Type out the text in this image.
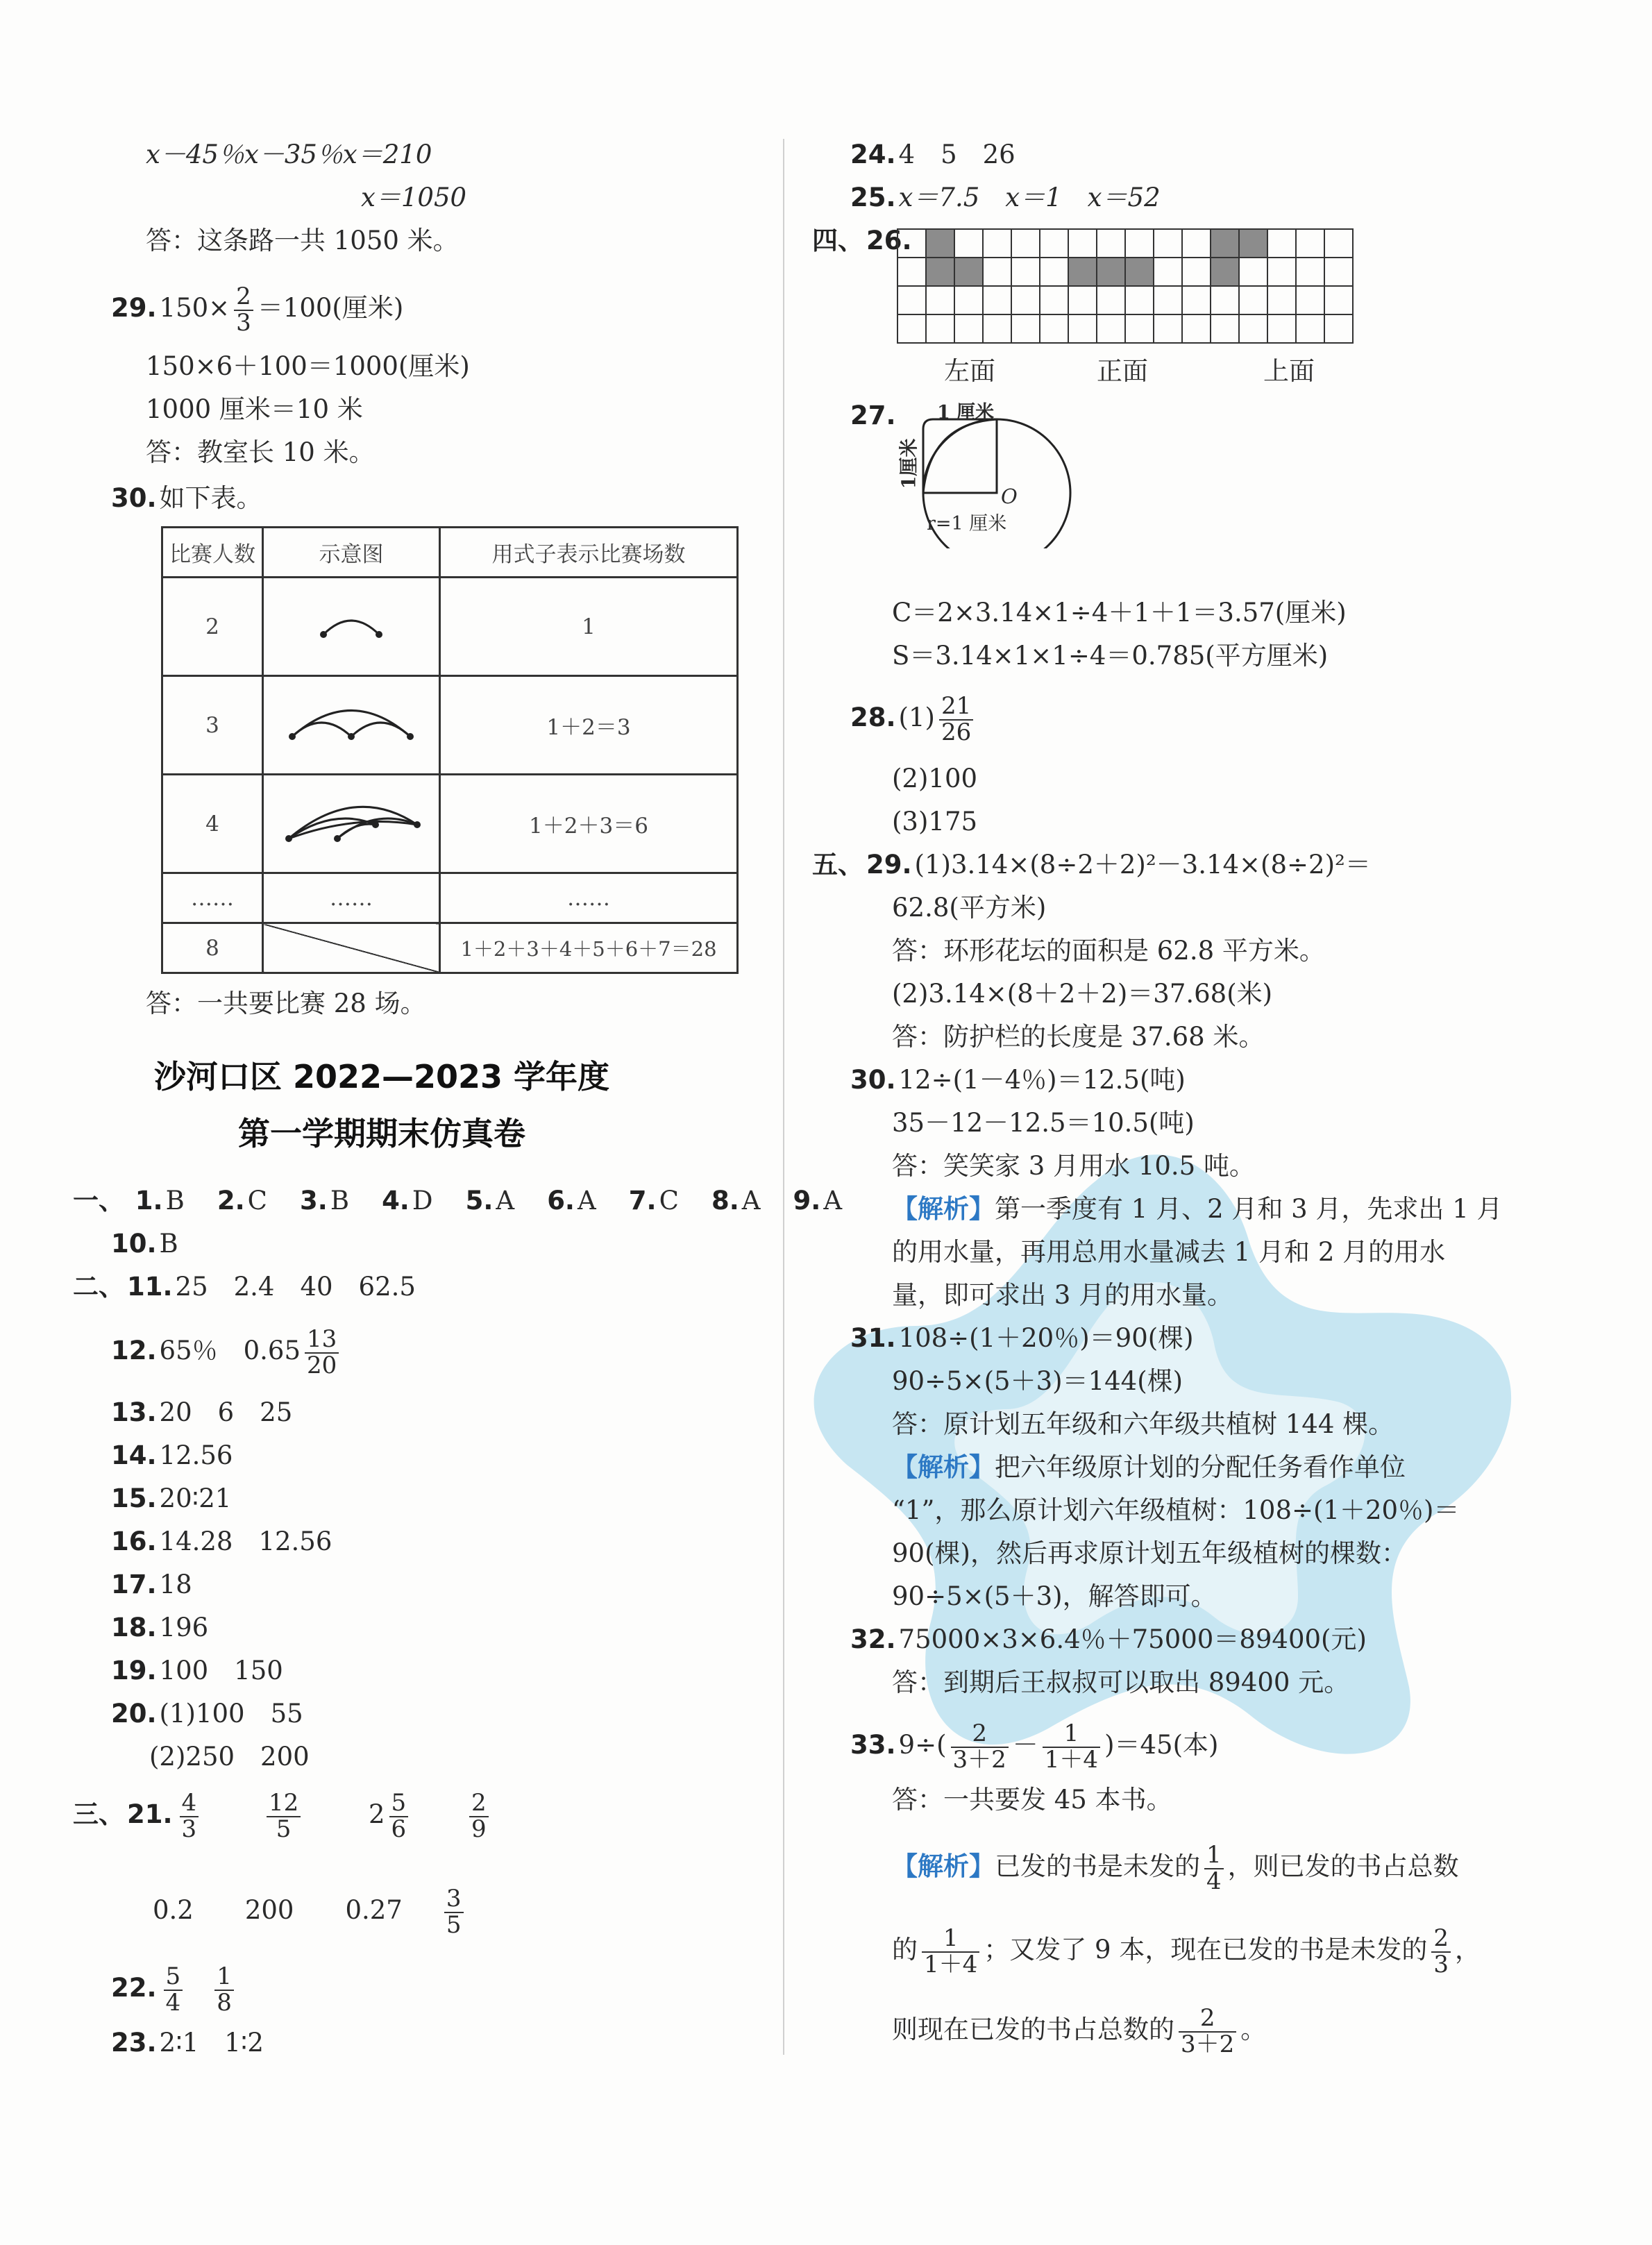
x－45％x－35％x＝210
x＝1050
答：这条路一共 1050 米。
29. $150\times \frac{2}{3} =100$(厘米)
150×6＋100＝1000(厘米)
1000 厘米＝10 米
答：教室长 10 米。
30. 如下表。
比赛人数	示意图	用式子表示比赛场数
2		1
3		1＋2＝3
4		1＋2＋3＝6
……	……	……
8		1＋2＋3＋4＋5＋6＋7＝28
答：一共要比赛 28 场。
沙河口区 2022—2023 学年度
第一学期期末仿真卷
一、 1. B 2. C 3. B 4. D 5. A 6. A 7. C 8. A 9. A
10. B
二、 11. 25　2.4　40　62.5
12. 65％　$0.65 \frac{13}{20}$
13. 20　6　25
14. 12.56
15. 20∶21
16. 14.28　12.56
17. 18
18. 196
19. 100　150
20. (1)100　55
(2)250　200
三、 21. $\frac{4}{3}$
	$\frac{12}{5}$	$2 \frac{5}{6}$
	$\frac{2}{9}$
0.2　　200　　$0.27 \frac{3}{5}$
22. $\frac{5}{4} \frac{1}{8}$
23. 2∶1　1∶2
24. 4　5　26
25. x＝7.5　x＝1　x＝52
四、 26.

左面	正面	上面
27. 1 厘米
1厘米
O
r=1 厘米
C＝2×3.14×1÷4＋1＋1＝3.57(厘米)
S＝3.14×1×1÷4＝0.785(平方厘米)
28. $(1) \frac{21}{26}$
(2)100
(3)175
五、 29. (1)3.14×(8÷2＋2)²－3.14×(8÷2)²＝
62.8(平方米)
答：环形花坛的面积是 62.8 平方米。
(2)3.14×(8＋2＋2)＝37.68(米)
答：防护栏的长度是 37.68 米。
30. 12÷(1－4％)＝12.5(吨)
35－12－12.5＝10.5(吨)
答：笑笑家 3 月用水 10.5 吨。
【解析】第一季度有 1 月、2 月和 3 月，先求出 1 月
的用水量，再用总用水量减去 1 月和 2 月的用水
量，即可求出 3 月的用水量。
31. 108÷(1＋20％)＝90(棵)
90÷5×(5＋3)＝144(棵)
答：原计划五年级和六年级共植树 144 棵。
【解析】把六年级原计划的分配任务看作单位
“1”，那么原计划六年级植树：108÷(1＋20％)＝
90(棵)，然后再求原计划五年级植树的棵数：
90÷5×(5＋3)，解答即可。
32. 75000×3×6.4％＋75000＝89400(元)
答：到期后王叔叔可以取出 89400 元。
33. $9\div( \frac{2}{3+2} - \frac{1}{1+4} )=45$(本)
答：一共要发 45 本书。
【解析】已发的书是未发的 $\frac{1}{4}$ ，则已发的书占总数
的 $\frac{1}{1+4}$ ；又发了 9 本，现在已发的书是未发的 $\frac{2}{3}$ ，
则现在已发的书占总数的 $\frac{2}{3+2}$ 。
